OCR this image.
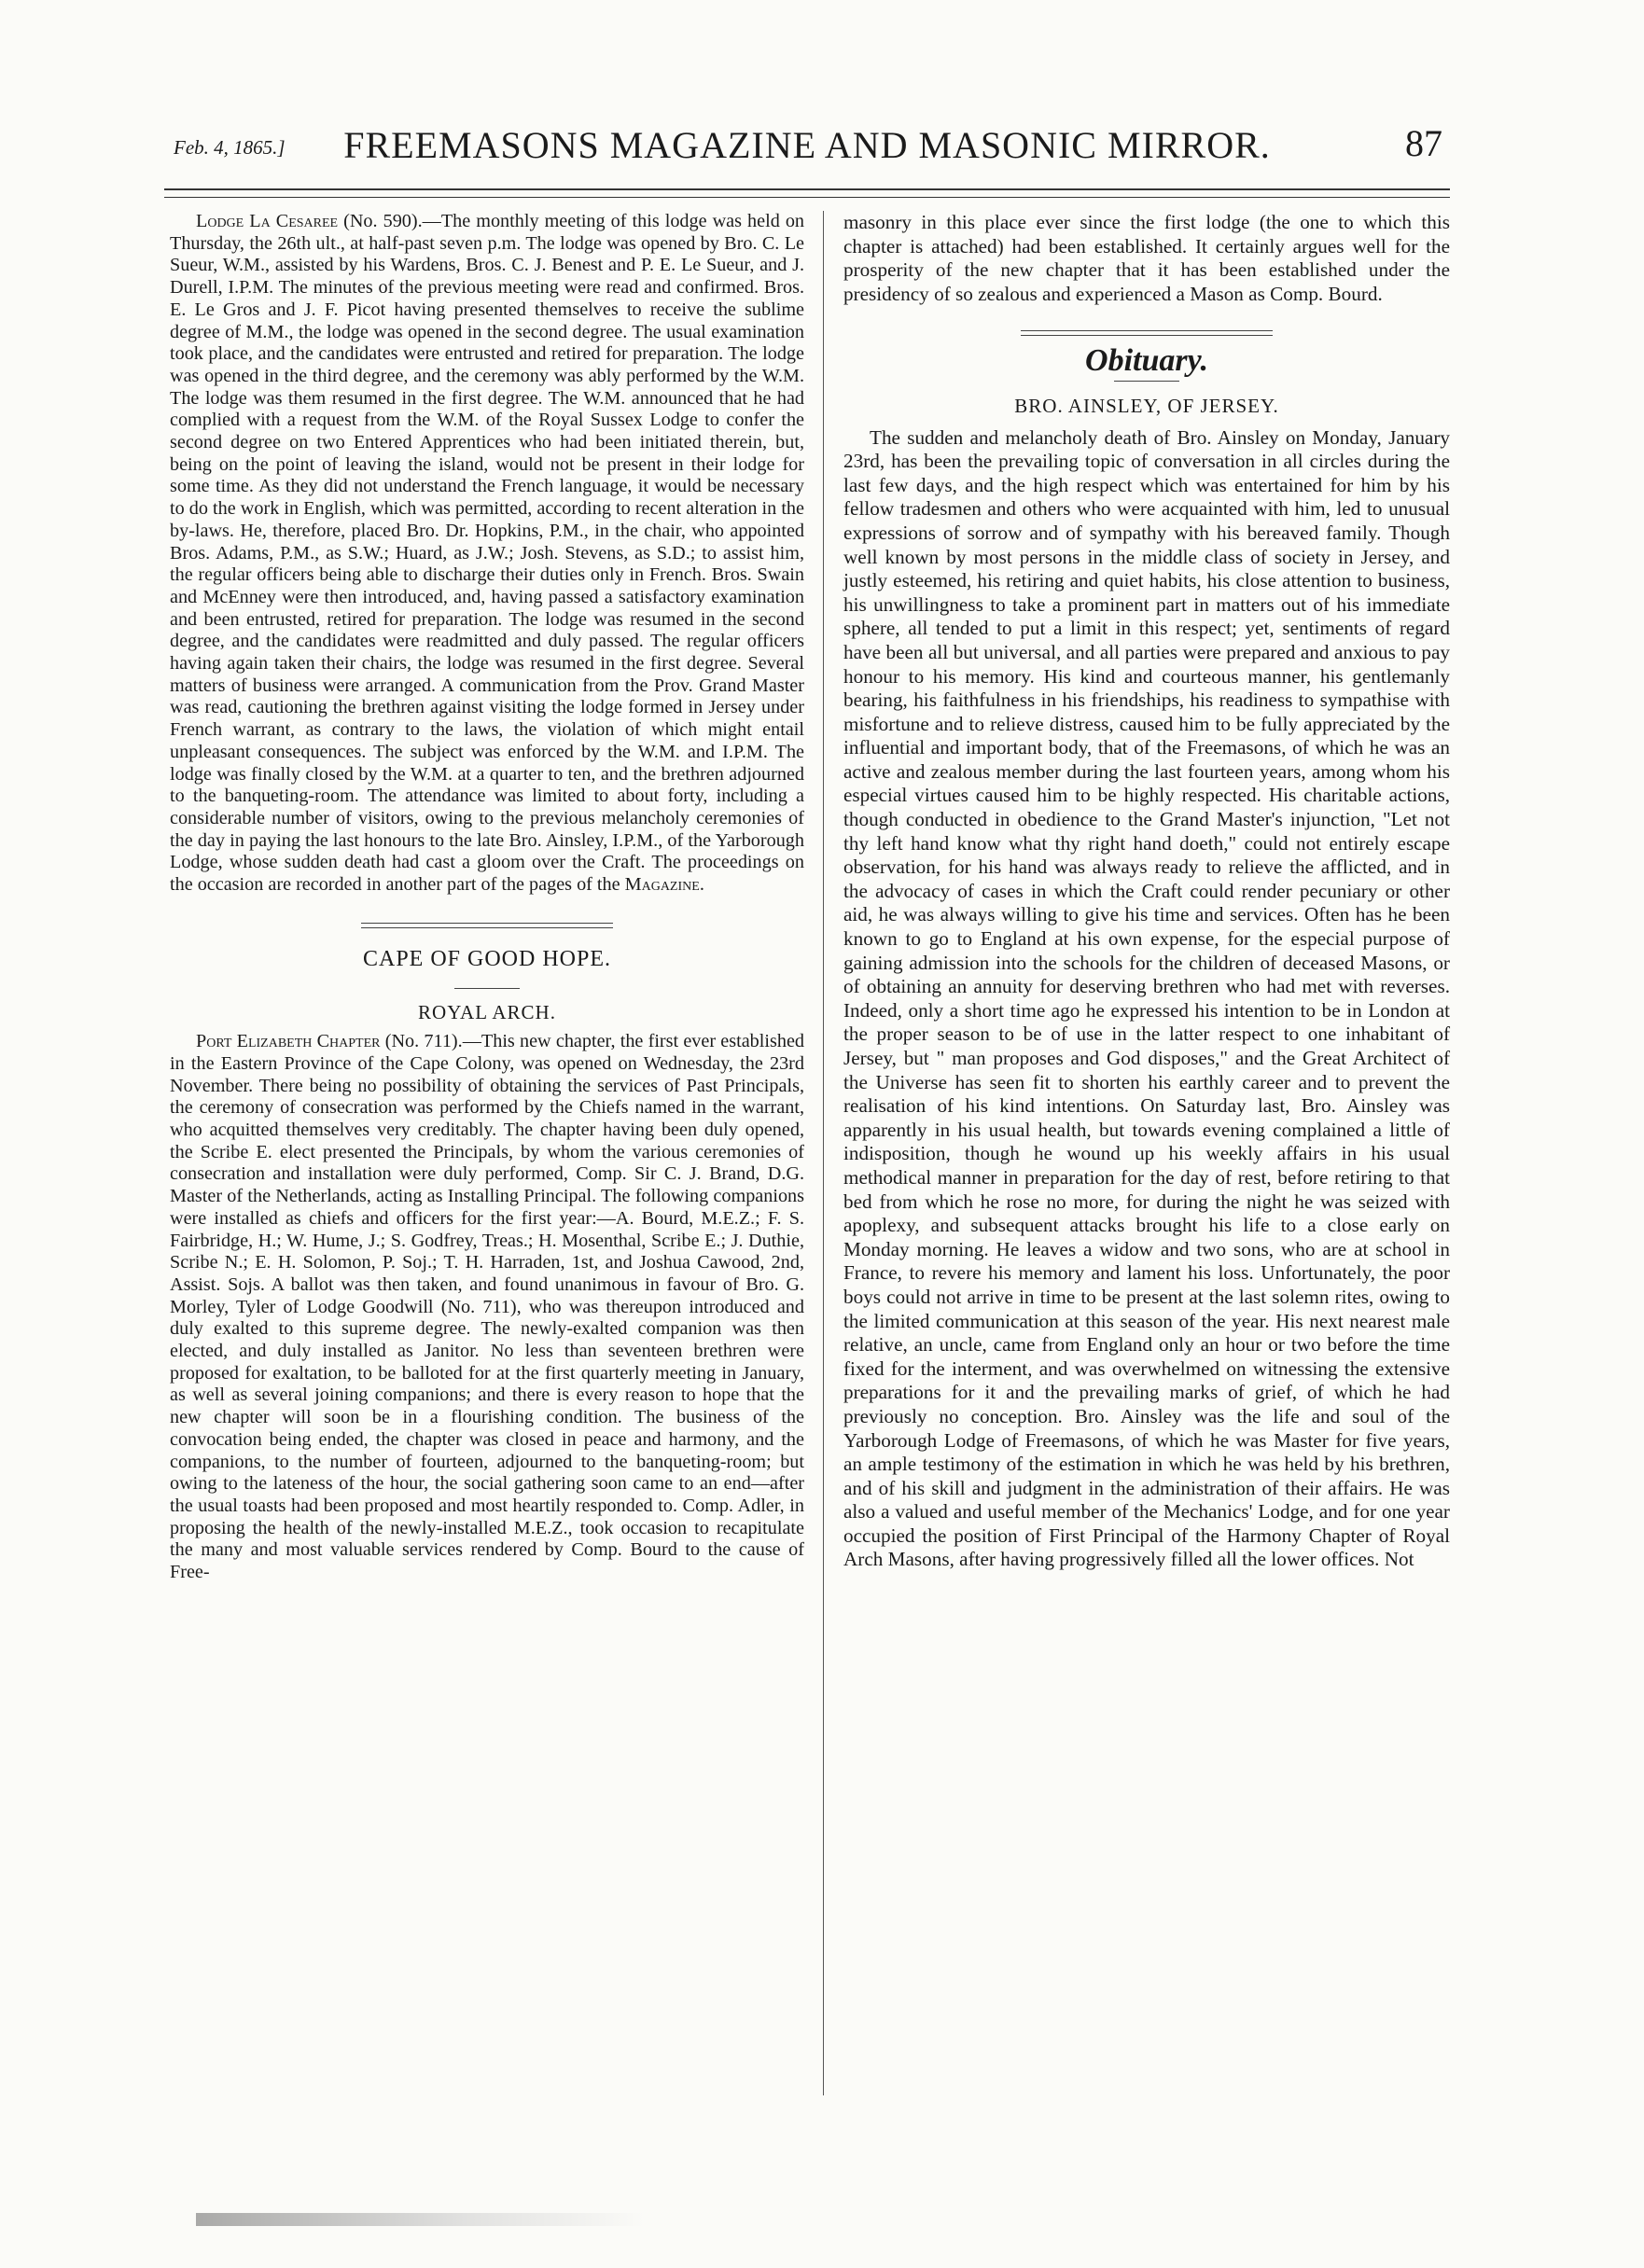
Feb. 4, 1865.]	FREEMASONS MAGAZINE AND MASONIC MIRROR.	87

Lodge La Cesaree (No. 590).—The monthly meeting of this lodge was held on Thursday, the 26th ult., at half-past seven p.m. The lodge was opened by Bro. C. Le Sueur, W.M., assisted by his Wardens, Bros. C. J. Benest and P. E. Le Sueur, and J. Durell, I.P.M. The minutes of the previous meeting were read and confirmed. Bros. E. Le Gros and J. F. Picot having presented themselves to receive the sublime degree of M.M., the lodge was opened in the second degree. The usual examination took place, and the candidates were entrusted and retired for preparation. The lodge was opened in the third degree, and the ceremony was ably performed by the W.M. The lodge was them resumed in the first degree. The W.M. announced that he had complied with a request from the W.M. of the Royal Sussex Lodge to confer the second degree on two Entered Apprentices who had been initiated therein, but, being on the point of leaving the island, would not be present in their lodge for some time. As they did not understand the French language, it would be necessary to do the work in English, which was permitted, according to recent alteration in the by-laws. He, therefore, placed Bro. Dr. Hopkins, P.M., in the chair, who appointed Bros. Adams, P.M., as S.W.; Huard, as J.W.; Josh. Stevens, as S.D.; to assist him, the regular officers being able to discharge their duties only in French. Bros. Swain and McEnney were then introduced, and, having passed a satisfactory examination and been entrusted, retired for preparation. The lodge was resumed in the second degree, and the candidates were readmitted and duly passed. The regular officers having again taken their chairs, the lodge was resumed in the first degree. Several matters of business were arranged. A communication from the Prov. Grand Master was read, cautioning the brethren against visiting the lodge formed in Jersey under French warrant, as contrary to the laws, the violation of which might entail unpleasant consequences. The subject was enforced by the W.M. and I.P.M. The lodge was finally closed by the W.M. at a quarter to ten, and the brethren adjourned to the banqueting-room. The attendance was limited to about forty, including a considerable number of visitors, owing to the previous melancholy ceremonies of the day in paying the last honours to the late Bro. Ainsley, I.P.M., of the Yarborough Lodge, whose sudden death had cast a gloom over the Craft. The proceedings on the occasion are recorded in another part of the pages of the Magazine.

CAPE OF GOOD HOPE.
ROYAL ARCH.

Port Elizabeth Chapter (No. 711).—This new chapter, the first ever established in the Eastern Province of the Cape Colony, was opened on Wednesday, the 23rd November. There being no possibility of obtaining the services of Past Principals, the ceremony of consecration was performed by the Chiefs named in the warrant, who acquitted themselves very creditably. The chapter having been duly opened, the Scribe E. elect presented the Principals, by whom the various ceremonies of consecration and installation were duly performed, Comp. Sir C. J. Brand, D.G. Master of the Netherlands, acting as Installing Principal. The following companions were installed as chiefs and officers for the first year:—A. Bourd, M.E.Z.; F. S. Fairbridge, H.; W. Hume, J.; S. Godfrey, Treas.; H. Mosenthal, Scribe E.; J. Duthie, Scribe N.; E. H. Solomon, P. Soj.; T. H. Harraden, 1st, and Joshua Cawood, 2nd, Assist. Sojs. A ballot was then taken, and found unanimous in favour of Bro. G. Morley, Tyler of Lodge Goodwill (No. 711), who was thereupon introduced and duly exalted to this supreme degree. The newly-exalted companion was then elected, and duly installed as Janitor. No less than seventeen brethren were proposed for exaltation, to be balloted for at the first quarterly meeting in January, as well as several joining companions; and there is every reason to hope that the new chapter will soon be in a flourishing condition. The business of the convocation being ended, the chapter was closed in peace and harmony, and the companions, to the number of fourteen, adjourned to the banqueting-room; but owing to the lateness of the hour, the social gathering soon came to an end—after the usual toasts had been proposed and most heartily responded to. Comp. Adler, in proposing the health of the newly-installed M.E.Z., took occasion to recapitulate the many and most valuable services rendered by Comp. Bourd to the cause of Free-

masonry in this place ever since the first lodge (the one to which this chapter is attached) had been established. It certainly argues well for the prosperity of the new chapter that it has been established under the presidency of so zealous and experienced a Mason as Comp. Bourd.

Obituary.
BRO. AINSLEY, OF JERSEY.

The sudden and melancholy death of Bro. Ainsley on Monday, January 23rd, has been the prevailing topic of conversation in all circles during the last few days, and the high respect which was entertained for him by his fellow tradesmen and others who were acquainted with him, led to unusual expressions of sorrow and of sympathy with his bereaved family. Though well known by most persons in the middle class of society in Jersey, and justly esteemed, his retiring and quiet habits, his close attention to business, his unwillingness to take a prominent part in matters out of his immediate sphere, all tended to put a limit in this respect; yet, sentiments of regard have been all but universal, and all parties were prepared and anxious to pay honour to his memory. His kind and courteous manner, his gentlemanly bearing, his faithfulness in his friendships, his readiness to sympathise with misfortune and to relieve distress, caused him to be fully appreciated by the influential and important body, that of the Freemasons, of which he was an active and zealous member during the last fourteen years, among whom his especial virtues caused him to be highly respected. His charitable actions, though conducted in obedience to the Grand Master's injunction, "Let not thy left hand know what thy right hand doeth," could not entirely escape observation, for his hand was always ready to relieve the afflicted, and in the advocacy of cases in which the Craft could render pecuniary or other aid, he was always willing to give his time and services. Often has he been known to go to England at his own expense, for the especial purpose of gaining admission into the schools for the children of deceased Masons, or of obtaining an annuity for deserving brethren who had met with reverses. Indeed, only a short time ago he expressed his intention to be in London at the proper season to be of use in the latter respect to one inhabitant of Jersey, but " man proposes and God disposes," and the Great Architect of the Universe has seen fit to shorten his earthly career and to prevent the realisation of his kind intentions. On Saturday last, Bro. Ainsley was apparently in his usual health, but towards evening complained a little of indisposition, though he wound up his weekly affairs in his usual methodical manner in preparation for the day of rest, before retiring to that bed from which he rose no more, for during the night he was seized with apoplexy, and subsequent attacks brought his life to a close early on Monday morning. He leaves a widow and two sons, who are at school in France, to revere his memory and lament his loss. Unfortunately, the poor boys could not arrive in time to be present at the last solemn rites, owing to the limited communication at this season of the year. His next nearest male relative, an uncle, came from England only an hour or two before the time fixed for the interment, and was overwhelmed on witnessing the extensive preparations for it and the prevailing marks of grief, of which he had previously no conception. Bro. Ainsley was the life and soul of the Yarborough Lodge of Freemasons, of which he was Master for five years, an ample testimony of the estimation in which he was held by his brethren, and of his skill and judgment in the administration of their affairs. He was also a valued and useful member of the Mechanics' Lodge, and for one year occupied the position of First Principal of the Harmony Chapter of Royal Arch Masons, after having progressively filled all the lower offices. Not
